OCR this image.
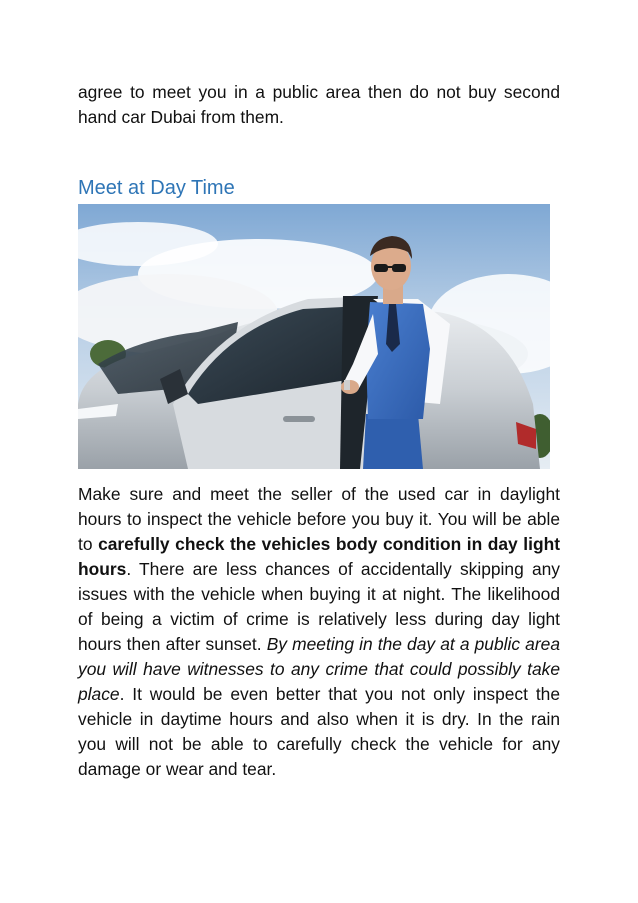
agree to meet you in a public area then do not buy second hand car Dubai from them.

Meet at Day Time

Make sure and meet the seller of the used car in daylight hours to inspect the vehicle before you buy it. You will be able to carefully check the vehicles body condition in day light hours. There are less chances of accidentally skipping any issues with the vehicle when buying it at night. The likelihood of being a victim of crime is relatively less during day light hours then after sunset. By meeting in the day at a public area you will have witnesses to any crime that could possibly take place. It would be even better that you not only inspect the vehicle in daytime hours and also when it is dry. In the rain you will not be able to carefully check the vehicle for any damage or wear and tear.
